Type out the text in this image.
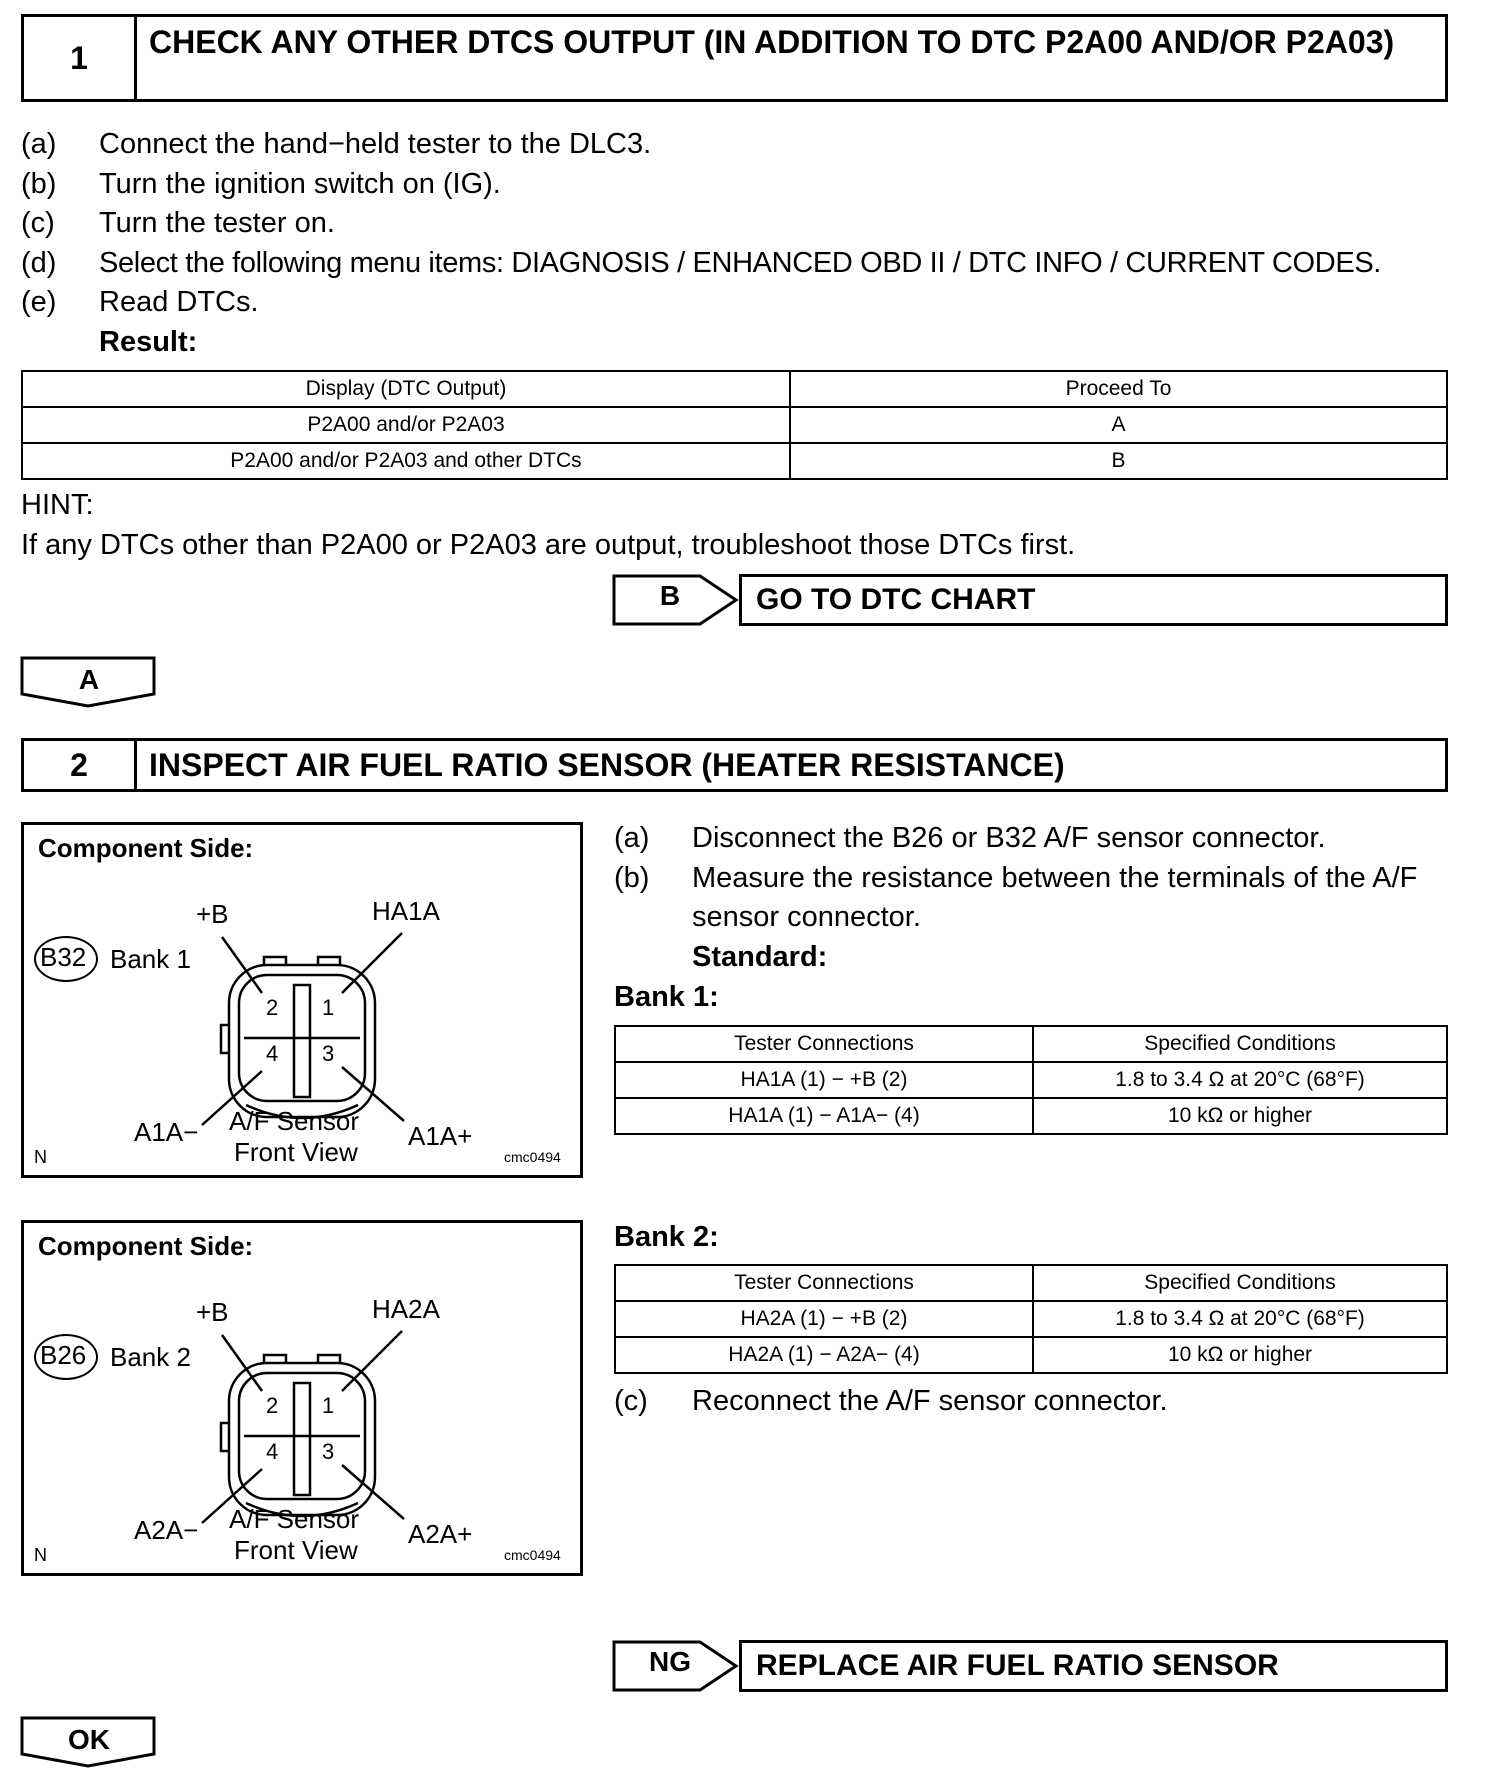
1	CHECK ANY OTHER DTCS OUTPUT (IN ADDITION TO DTC P2A00 AND/OR P2A03)
(a) Connect the hand−held tester to the DLC3.
(b) Turn the ignition switch on (IG).
(c) Turn the tester on.
(d) Select the following menu items: DIAGNOSIS / ENHANCED OBD II / DTC INFO / CURRENT CODES.
(e) Read DTCs.
Result:
Display (DTC Output)	Proceed To
P2A00 and/or P2A03	A
P2A00 and/or P2A03 and other DTCs	B
HINT:
If any DTCs other than P2A00 or P2A03 are output, troubleshoot those DTCs first.
B	GO TO DTC CHART
A
2	INSPECT AIR FUEL RATIO SENSOR (HEATER RESISTANCE)
Component Side:
+B	HA1A
B32 Bank 1
2 1
4 3
A1A−	A1A+
A/F Sensor
Front View
N	cmc0494
Component Side:
+B	HA2A
B26 Bank 2
2 1
4 3
A2A−	A2A+
A/F Sensor
Front View
N	cmc0494
(a) Disconnect the B26 or B32 A/F sensor connector.
(b) Measure the resistance between the terminals of the A/F
sensor connector.
Standard:
Bank 1:
Tester Connections	Specified Conditions
HA1A (1) − +B (2)	1.8 to 3.4 Ω at 20°C (68°F)
HA1A (1) − A1A− (4)	10 kΩ or higher
Bank 2:
Tester Connections	Specified Conditions
HA2A (1) − +B (2)	1.8 to 3.4 Ω at 20°C (68°F)
HA2A (1) − A2A− (4)	10 kΩ or higher
(c) Reconnect the A/F sensor connector.
NG	REPLACE AIR FUEL RATIO SENSOR
OK
